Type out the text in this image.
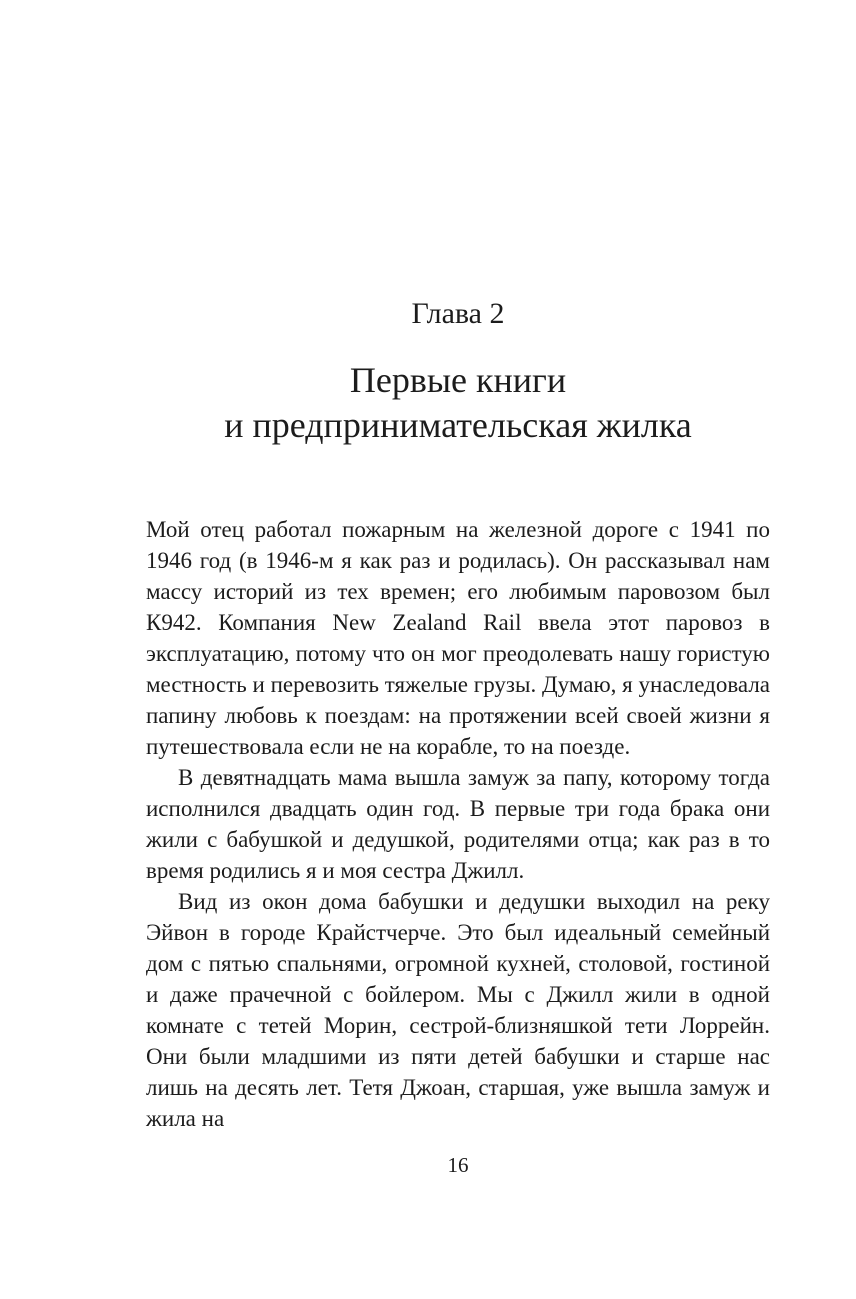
Глава 2
Первые книги
и предпринимательская жилка

Мой отец работал пожарным на железной дороге с 1941 по 1946 год (в 1946-м я как раз и родилась). Он рассказывал нам массу историй из тех времен; его любимым паровозом был К942. Компания New Zealand Rail ввела этот паровоз в эксплуатацию, потому что он мог преодолевать нашу гористую местность и перевозить тяжелые грузы. Думаю, я унаследовала папину любовь к поездам: на протяжении всей своей жизни я путешествовала если не на корабле, то на поезде.

В девятнадцать мама вышла замуж за папу, которому тогда исполнился двадцать один год. В первые три года брака они жили с бабушкой и дедушкой, родителями отца; как раз в то время родились я и моя сестра Джилл.

Вид из окон дома бабушки и дедушки выходил на реку Эйвон в городе Крайстчерче. Это был идеальный семейный дом с пятью спальнями, огромной кухней, столовой, гостиной и даже прачечной с бойлером. Мы с Джилл жили в одной комнате с тетей Морин, сестрой-близняшкой тети Лоррейн. Они были младшими из пяти детей бабушки и старше нас лишь на десять лет. Тетя Джоан, старшая, уже вышла замуж и жила на

16
